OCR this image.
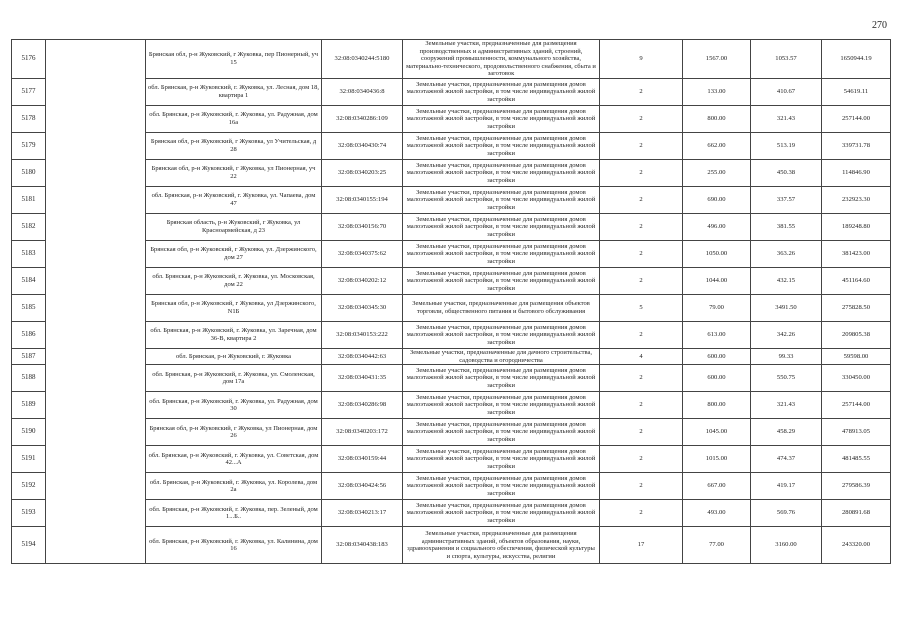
270
5176		Брянская обл, р-н Жуковский, г Жуковка, пер Пионерный, уч 15	32:08:0340244:5180	Земельные участки, предназначенные для размещения производственных и административных зданий, строений, сооружений промышленности, коммунального хозяйства, материально-технического, продовольственного снабжения, сбыта и заготовок	9	1567.00	1053.57	1650944.19
5177		обл. Брянская, р-н Жуковский, г. Жуковка, ул. Лесная, дом 18, квартира 1	32:08:0340436:8	Земельные участки, предназначенные для размещения домов малоэтажной жилой застройки, в том числе индивидуальной жилой застройки	2	133.00	410.67	54619.11
5178		обл. Брянская, р-н Жуковский, г. Жуковка, ул. Радужная, дом 16а	32:08:0340286:109	Земельные участки, предназначенные для размещения домов малоэтажной жилой застройки, в том числе индивидуальной жилой застройки	2	800.00	321.43	257144.00
5179		Брянская обл, р-н Жуковский, г Жуковка, ул Учительская, д 28	32:08:0340430:74	Земельные участки, предназначенные для размещения домов малоэтажной жилой застройки, в том числе индивидуальной жилой застройки	2	662.00	513.19	339731.78
5180		Брянская обл, р-н Жуковский, г Жуковка, ул Пионерная, уч 22	32:08:0340203:25	Земельные участки, предназначенные для размещения домов малоэтажной жилой застройки, в том числе индивидуальной жилой застройки	2	255.00	450.38	114846.90
5181		обл. Брянская, р-н Жуковский, г. Жуковка, ул. Чапаева, дом 47	32:08:0340155:194	Земельные участки, предназначенные для размещения домов малоэтажной жилой застройки, в том числе индивидуальной жилой застройки	2	690.00	337.57	232923.30
5182		Брянская область, р-н Жуковский, г Жуковка, ул Красноармейская, д 23	32:08:0340156:70	Земельные участки, предназначенные для размещения домов малоэтажной жилой застройки, в том числе индивидуальной жилой застройки	2	496.00	381.55	189248.80
5183		Брянская обл, р-н Жуковский, г Жуковка, ул. Дзержинского, дом 27	32:08:0340375:62	Земельные участки, предназначенные для размещения домов малоэтажной жилой застройки, в том числе индивидуальной жилой застройки	2	1050.00	363.26	381423.00
5184		обл. Брянская, р-н Жуковский, г. Жуковка, ул. Московская, дом 22	32:08:0340202:12	Земельные участки, предназначенные для размещения домов малоэтажной жилой застройки, в том числе индивидуальной жилой застройки	2	1044.00	432.15	451164.60
5185		Брянская обл, р-н Жуковский, г Жуковка, ул Дзержинского, N1Б	32:08:0340345:30	Земельные участки, предназначенные для размещения объектов торговли, общественного питания и бытового обслуживания	5	79.00	3491.50	275828.50
5186		обл. Брянская, р-н Жуковский, г. Жуковка, ул. Заречная, дом 36-В, квартира 2	32:08:0340153:222	Земельные участки, предназначенные для размещения домов малоэтажной жилой застройки, в том числе индивидуальной жилой застройки	2	613.00	342.26	209805.38
5187		обл. Брянская, р-н Жуковский, г. Жуковка	32:08:0340442:63	Земельные участки, предназначенные для дачного строительства, садоводства и огородничества	4	600.00	99.33	59598.00
5188		обл. Брянская, р-н Жуковский, г. Жуковка, ул. Смоленская, дом 17а	32:08:0340431:35	Земельные участки, предназначенные для размещения домов малоэтажной жилой застройки, в том числе индивидуальной жилой застройки	2	600.00	550.75	330450.00
5189		обл. Брянская, р-н Жуковский, г. Жуковка, ул. Радужная, дом 30	32:08:0340286:98	Земельные участки, предназначенные для размещения домов малоэтажной жилой застройки, в том числе индивидуальной жилой застройки	2	800.00	321.43	257144.00
5190		Брянская обл, р-н Жуковский, г Жуковка, ул Пионерная, дом 26	32:08:0340203:172	Земельные участки, предназначенные для размещения домов малоэтажной жилой застройки, в том числе индивидуальной жилой застройки	2	1045.00	458.29	478913.05
5191		обл. Брянская, р-н Жуковский, г. Жуковка, ул. Советская, дом 42...А	32:08:0340159:44	Земельные участки, предназначенные для размещения домов малоэтажной жилой застройки, в том числе индивидуальной жилой застройки	2	1015.00	474.37	481485.55
5192		обл. Брянская, р-н Жуковский, г. Жуковка, ул. Королева, дом 2а	32:08:0340424:56	Земельные участки, предназначенные для размещения домов малоэтажной жилой застройки, в том числе индивидуальной жилой застройки	2	667.00	419.17	279586.39
5193		обл. Брянская, р-н Жуковский, г. Жуковка, пер. Зеленый, дом 1...Б..	32:08:0340213:17	Земельные участки, предназначенные для размещения домов малоэтажной жилой застройки, в том числе индивидуальной жилой застройки	2	493.00	569.76	280891.68
5194		обл. Брянская, р-н Жуковский, г. Жуковка, ул. Калинина, дом 16	32:08:0340438:183	Земельные участки, предназначенные для размещения административных зданий, объектов образования, науки, здравоохранения и социального обеспечения, физической культуры и спорта, культуры, искусства, религии	17	77.00	3160.00	243320.00
